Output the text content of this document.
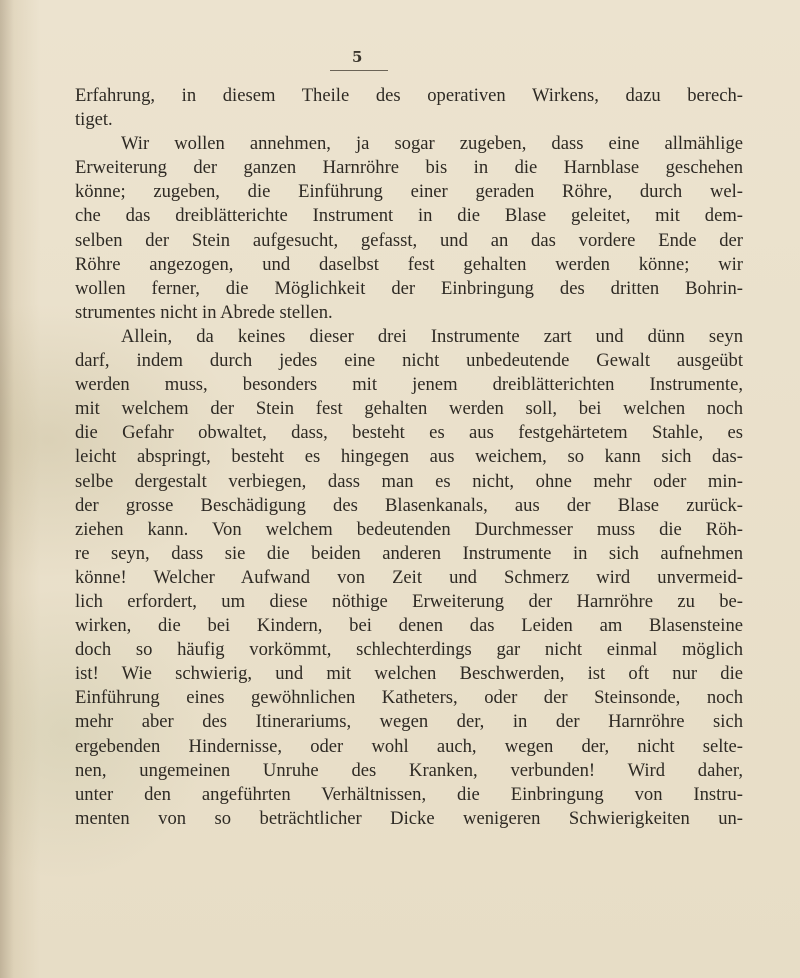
5
Erfahrung, in diesem Theile des operativen Wirkens, dazu berech-
tiget.
Wir wollen annehmen, ja sogar zugeben, dass eine allmählige
Erweiterung der ganzen Harnröhre bis in die Harnblase geschehen
könne; zugeben, die Einführung einer geraden Röhre, durch wel-
che das dreiblätterichte Instrument in die Blase geleitet, mit dem-
selben der Stein aufgesucht, gefasst, und an das vordere Ende der
Röhre angezogen, und daselbst fest gehalten werden könne; wir
wollen ferner, die Möglichkeit der Einbringung des dritten Bohrin-
strumentes nicht in Abrede stellen.
Allein, da keines dieser drei Instrumente zart und dünn seyn
darf, indem durch jedes eine nicht unbedeutende Gewalt ausgeübt
werden muss, besonders mit jenem dreiblätterichten Instrumente,
mit welchem der Stein fest gehalten werden soll, bei welchen noch
die Gefahr obwaltet, dass, besteht es aus festgehärtetem Stahle, es
leicht abspringt, besteht es hingegen aus weichem, so kann sich das-
selbe dergestalt verbiegen, dass man es nicht, ohne mehr oder min-
der grosse Beschädigung des Blasenkanals, aus der Blase zurück-
ziehen kann. Von welchem bedeutenden Durchmesser muss die Röh-
re seyn, dass sie die beiden anderen Instrumente in sich aufnehmen
könne! Welcher Aufwand von Zeit und Schmerz wird unvermeid-
lich erfordert, um diese nöthige Erweiterung der Harnröhre zu be-
wirken, die bei Kindern, bei denen das Leiden am Blasensteine
doch so häufig vorkömmt, schlechterdings gar nicht einmal möglich
ist! Wie schwierig, und mit welchen Beschwerden, ist oft nur die
Einführung eines gewöhnlichen Katheters, oder der Steinsonde, noch
mehr aber des Itinerariums, wegen der, in der Harnröhre sich
ergebenden Hindernisse, oder wohl auch, wegen der, nicht selte-
nen, ungemeinen Unruhe des Kranken, verbunden! Wird daher,
unter den angeführten Verhältnissen, die Einbringung von Instru-
menten von so beträchtlicher Dicke wenigeren Schwierigkeiten un-
